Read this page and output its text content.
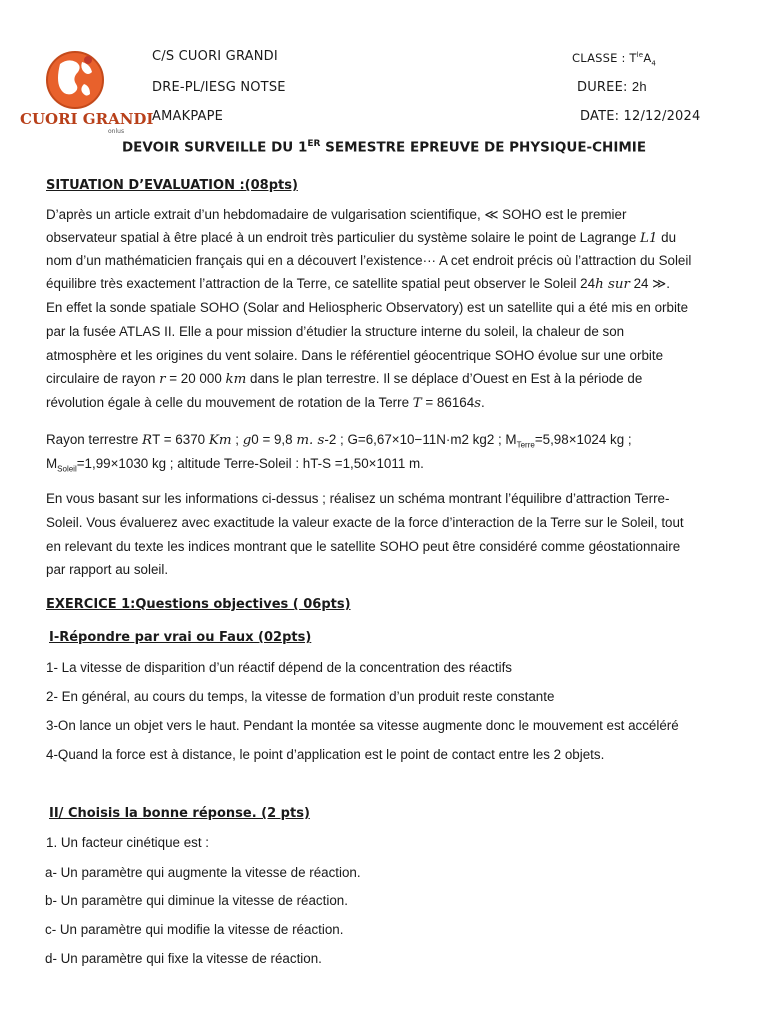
CUORI GRANDI
onlus
C/S CUORI GRANDI
DRE-PL/IESG NOTSE
AMAKPAPE
CLASSE : $T^{le}A_4$
DUREE: 2h
DATE: 12/12/2024
DEVOIR SURVEILLE DU 1ER SEMESTRE EPREUVE DE PHYSIQUE-CHIMIE
SITUATION D’EVALUATION :(08pts)
D’après un article extrait d’un hebdomadaire de vulgarisation scientifique, ≪ SOHO est le premier
observateur spatial à être placé à un endroit très particulier du système solaire le point de Lagrange L1 du
nom d’un mathématicien français qui en a découvert l’existence··· A cet endroit précis où l’attraction du Soleil
équilibre très exactement l’attraction de la Terre, ce satellite spatial peut observer le Soleil 24h sur 24 ≫.
En effet la sonde spatiale SOHO (Solar and Heliospheric Observatory) est un satellite qui a été mis en orbite
par la fusée ATLAS II. Elle a pour mission d’étudier la structure interne du soleil, la chaleur de son
atmosphère et les origines du vent solaire. Dans le référentiel géocentrique SOHO évolue sur une orbite
circulaire de rayon r = 20 000 km dans le plan terrestre. Il se déplace d’Ouest en Est à la période de
révolution égale à celle du mouvement de rotation de la Terre T = 86164s.
Rayon terrestre RT = 6370 Km ; g0 = 9,8 m. s-2 ; G=6,67×10−11N·m2 kg2 ; $M_{Terre}=5,98\times 1024$ kg ;
$M_{Soleil}=1,99\times 1030$ kg ; altitude Terre-Soleil : hT-S =1,50×1011 m.
En vous basant sur les informations ci-dessus ; réalisez un schéma montrant l’équilibre d’attraction Terre-
Soleil. Vous évaluerez avec exactitude la valeur exacte de la force d’interaction de la Terre sur le Soleil, tout
en relevant du texte les indices montrant que le satellite SOHO peut être considéré comme géostationnaire
par rapport au soleil.
EXERCICE 1:Questions objectives ( 06pts)
I-Répondre par vrai ou Faux (02pts)
1- La vitesse de disparition d’un réactif dépend de la concentration des réactifs
2- En général, au cours du temps, la vitesse de formation d’un produit reste constante
3-On lance un objet vers le haut. Pendant la montée sa vitesse augmente donc le mouvement est accéléré
4-Quand la force est à distance, le point d’application est le point de contact entre les 2 objets.
II/ Choisis la bonne réponse. (2 pts)
1. Un facteur cinétique est :
a- Un paramètre qui augmente la vitesse de réaction.
b- Un paramètre qui diminue la vitesse de réaction.
c- Un paramètre qui modifie la vitesse de réaction.
d- Un paramètre qui fixe la vitesse de réaction.
